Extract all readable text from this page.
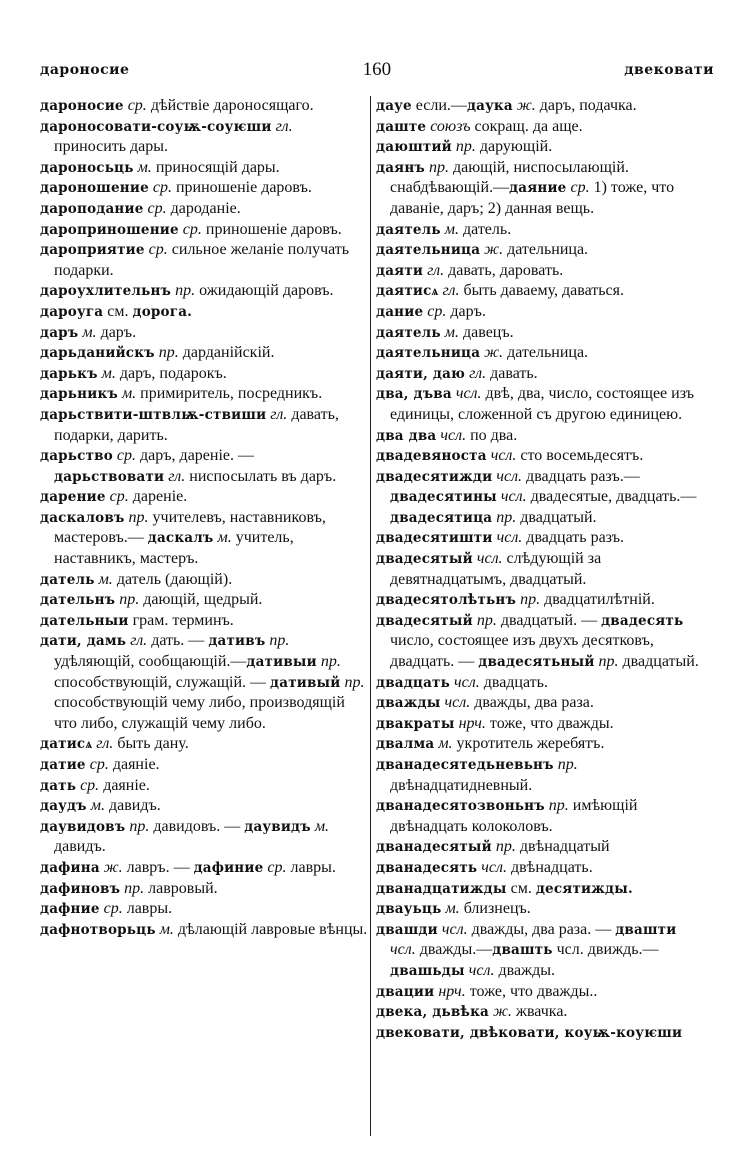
дароносие	160	двековати

дароносие ср. дѣйствіе дароносящаго.

дароносовати-соуѭ-соуѥши гл. приносить дары.

дароносьць м. приносящій дары.

дароношение ср. приношеніе даровъ.

дароподание ср. дароданіе.

дароприношение ср. приношеніе даровъ.

дароприятие ср. сильное желаніе получать подарки.

дароухлительнъ пр. ожидающій даровъ.

дароуга см. дорога.

даръ м. даръ.

дарьданийскъ пр. дарданійскій.

дарькъ м. даръ, подарокъ.

дарьникъ м. примиритель, посредникъ.

дарьствити-штвлѭ-ствиши гл. давать, подарки, дарить.

дарьство ср. даръ, дареніе. — дарьствовати гл. ниспосылать въ даръ.

дарение ср. дареніе.

даскаловъ пр. учителевъ, наставниковъ, мастеровъ.— даскалъ м. учитель, наставникъ, мастеръ.

датель м. датель (дающій).

дательнъ пр. дающій, щедрый.

дательныи грам. терминъ.

дати, дамь гл. дать. — дативъ пр. удѣляющій, сообщающій.—дативыи пр. способствующій, служащій. — дативый пр. способствующій чему либо, производящій что либо, служащій чему либо.

датисѧ гл. быть дану.

датие ср. даяніе.

дать ср. даяніе.

даудъ м. давидъ.

даувидовъ пр. давидовъ. — даувидъ м. давидъ.

дафина ж. лавръ. — дафиние ср. лавры.

дафиновъ пр. лавровый.

дафние ср. лавры.

дафнотворьць м. дѣлающій лавровые вѣнцы.

дауе если.—даука ж. даръ, подачка.

даште союзъ сокращ. да аще.

даюштий пр. дарующій.

даянъ пр. дающій, ниспосылающій. снабдѣвающій.—даяние ср. 1) тоже, что даваніе, даръ; 2) данная вещь.

даятель м. датель.

даятельница ж. дательница.

даяти гл. давать, даровать.

даятисѧ гл. быть даваему, даваться.

дание ср. даръ.

даятель м. давецъ.

даятельница ж. дательница.

даяти, даю гл. давать.

два, дъва чсл. двѣ, два, число, состоящее изъ единицы, сложенной съ другою единицею.

два два чсл. по два.

двадевяноста чсл. сто восемьдесятъ.

двадесятижди чсл. двадцать разъ.— двадесятины чсл. двадесятые, двадцать.—двадесятица пр. двадцатый.

двадесятишти чсл. двадцать разъ.

двадесятый чсл. слѣдующій за девятнадцатымъ, двадцатый.

двадесятолѣтьнъ пр. двадцатилѣтній.

двадесятый пр. двадцатый. — двадесять число, состоящее изъ двухъ десятковъ, двадцать. — двадесятьный пр. двадцатый.

двадцать чсл. двадцать.

дважды чсл. дважды, два раза.

двакраты нрч. тоже, что дважды.

двалма м. укротитель жеребятъ.

дванадесятедьневьнъ пр. двѣнадцатидневный.

дванадесятозвоньнъ пр. имѣющій двѣнадцать колоколовъ.

дванадесятый пр. двѣнадцатый

дванадесять чсл. двѣнадцать.

дванадцатижды см. десятижды.

двауьць м. близнецъ.

двашди чсл. дважды, два раза. — двашти чсл. дважды.—двашть чсл. движдь.—двашьды чсл. дважды.

двации нрч. тоже, что дважды..

двека, дьвѣка ж. жвачка.

двековати, двѣковати, коуѭ-коуѥши
